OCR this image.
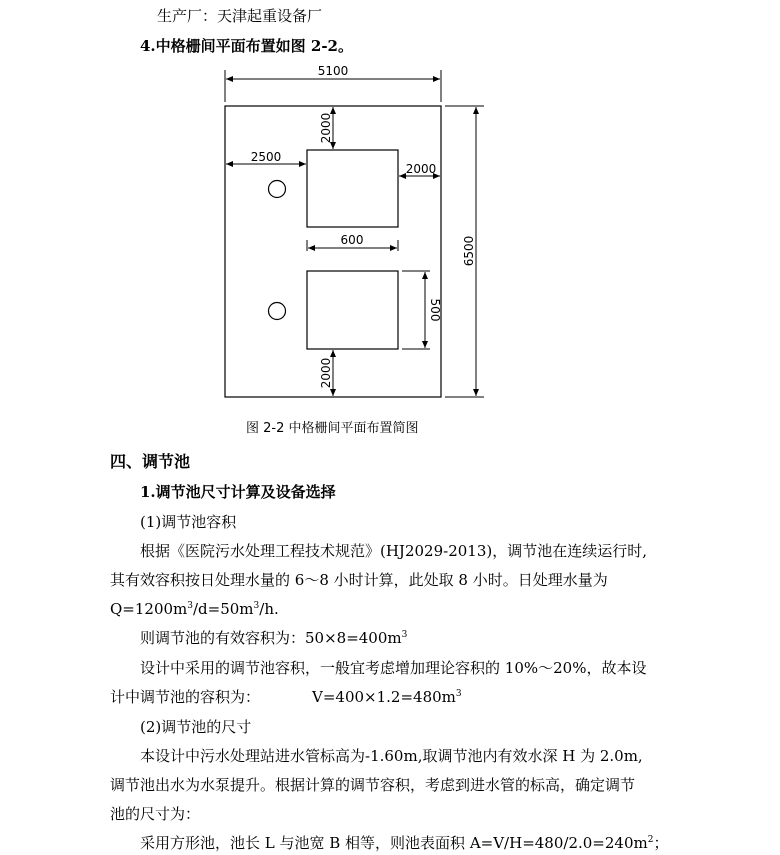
生产厂：天津起重设备厂
4.中格栅间平面布置如图 2-2。
5100
2000
2500
2000
600	6500
500
2000
图 2-2 中格栅间平面布置简图
四、调节池
1.调节池尺寸计算及设备选择
(1)调节池容积
根据《医院污水处理工程技术规范》(HJ2029-2013)，调节池在连续运行时,
其有效容积按日处理水量的 6～8 小时计算，此处取 8 小时。日处理水量为
$Q=1200m^3/d=50m^3/h$.
则调节池的有效容积为：$50\times 8=400m^3$
设计中采用的调节池容积，一般宜考虑增加理论容积的 10%～20%，故本设
计中调节池的容积为：	$V=400\times 1.2=480m^3$
(2)调节池的尺寸
本设计中污水处理站进水管标高为-1.60m,取调节池内有效水深 H 为 2.0m,
调节池出水为水泵提升。根据计算的调节容积，考虑到进水管的标高，确定调节
池的尺寸为：
采用方形池，池长 L 与池宽 B 相等，则池表面积 $A=V/H=480/2.0=240m^2$；
